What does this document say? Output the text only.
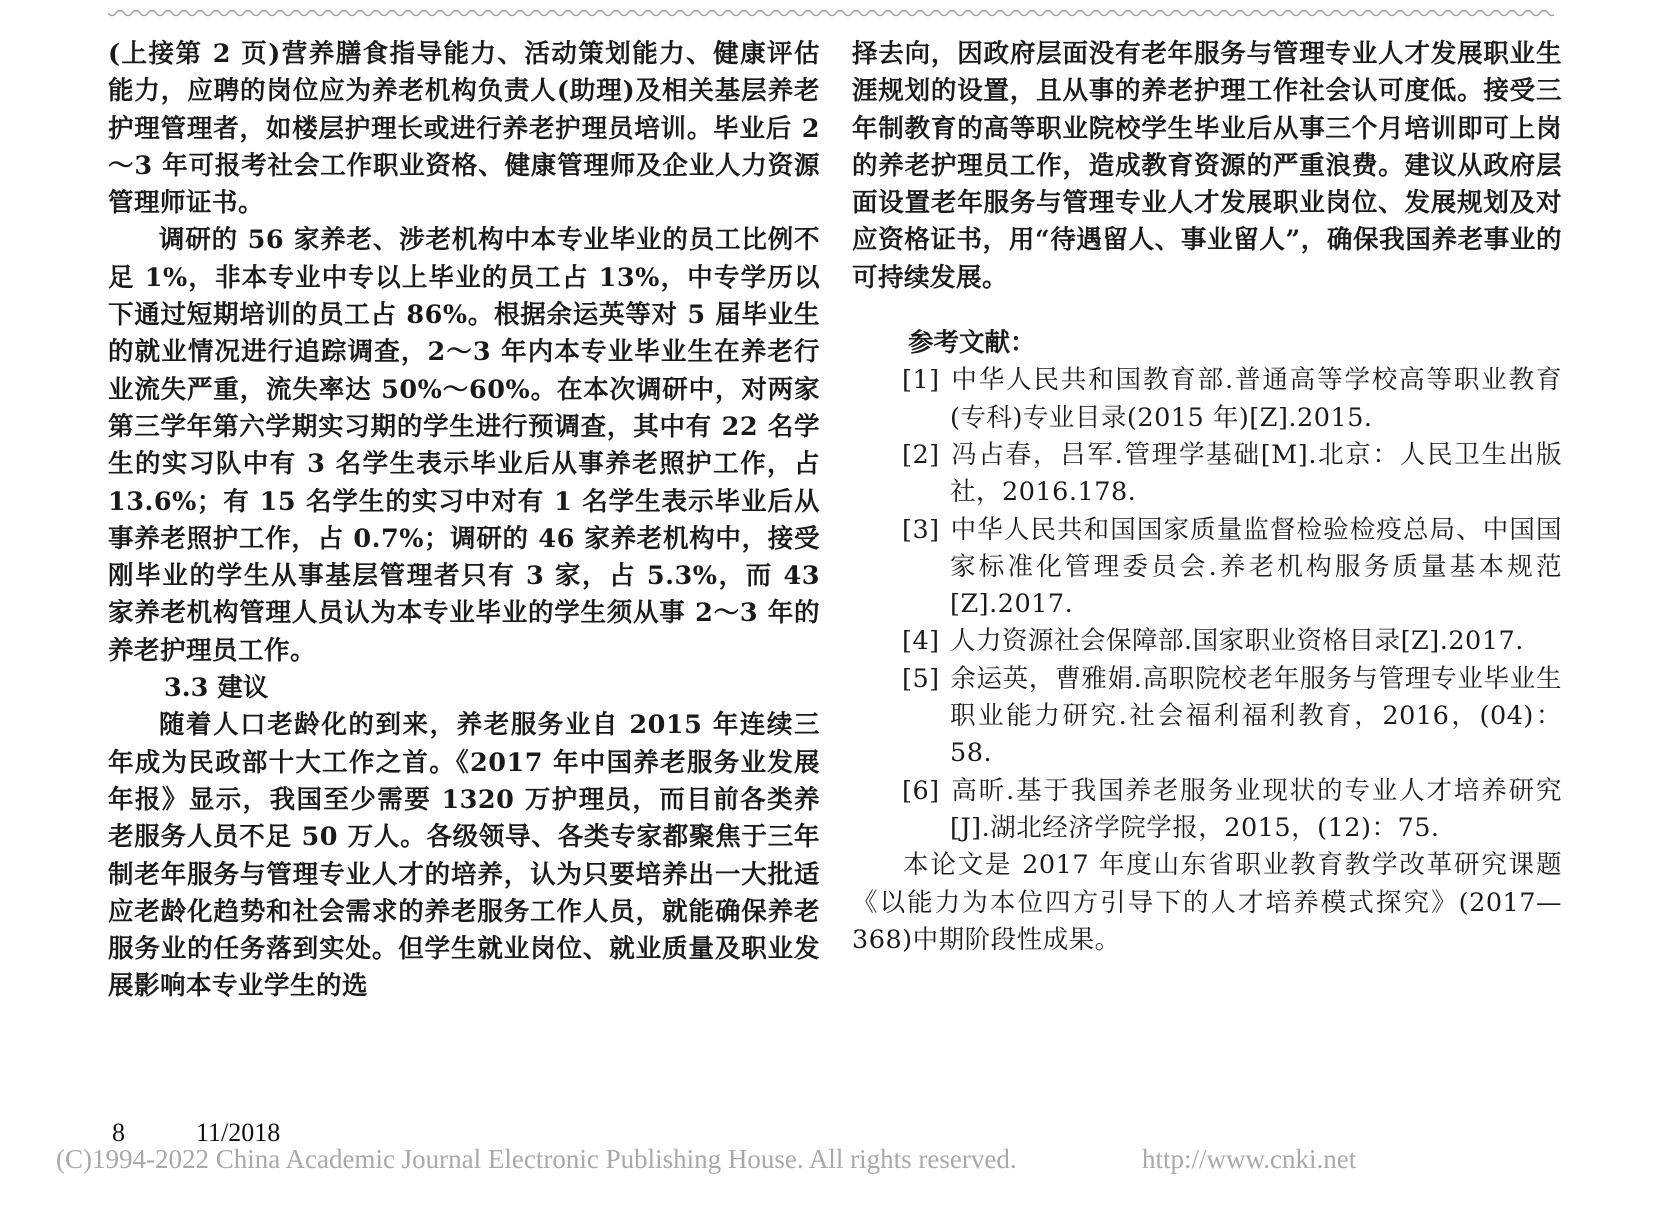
(上接第 2 页)营养膳食指导能力、活动策划能力、健康评估能力，应聘的岗位应为养老机构负责人(助理)及相关基层养老护理管理者，如楼层护理长或进行养老护理员培训。毕业后 2～3 年可报考社会工作职业资格、健康管理师及企业人力资源管理师证书。

调研的 56 家养老、涉老机构中本专业毕业的员工比例不足 1%，非本专业中专以上毕业的员工占 13%，中专学历以下通过短期培训的员工占 86%。根据余运英等对 5 届毕业生的就业情况进行追踪调查，2～3 年内本专业毕业生在养老行业流失严重，流失率达 50%～60%。在本次调研中，对两家第三学年第六学期实习期的学生进行预调查，其中有 22 名学生的实习队中有 3 名学生表示毕业后从事养老照护工作，占 13.6%；有 15 名学生的实习中对有 1 名学生表示毕业后从事养老照护工作，占 0.7%；调研的 46 家养老机构中，接受刚毕业的学生从事基层管理者只有 3 家，占 5.3%，而 43 家养老机构管理人员认为本专业毕业的学生须从事 2～3 年的养老护理员工作。

3.3 建议

随着人口老龄化的到来，养老服务业自 2015 年连续三年成为民政部十大工作之首。《2017 年中国养老服务业发展年报》显示，我国至少需要 1320 万护理员，而目前各类养老服务人员不足 50 万人。各级领导、各类专家都聚焦于三年制老年服务与管理专业人才的培养，认为只要培养出一大批适应老龄化趋势和社会需求的养老服务工作人员，就能确保养老服务业的任务落到实处。但学生就业岗位、就业质量及职业发展影响本专业学生的选

择去向，因政府层面没有老年服务与管理专业人才发展职业生涯规划的设置，且从事的养老护理工作社会认可度低。接受三年制教育的高等职业院校学生毕业后从事三个月培训即可上岗的养老护理员工作，造成教育资源的严重浪费。建议从政府层面设置老年服务与管理专业人才发展职业岗位、发展规划及对应资格证书，用“待遇留人、事业留人”，确保我国养老事业的可持续发展。

参考文献：

[1] 中华人民共和国教育部.普通高等学校高等职业教育(专科)专业目录(2015 年)[Z].2015.
[2] 冯占春，吕军.管理学基础[M].北京：人民卫生出版社，2016.178.
[3] 中华人民共和国国家质量监督检验检疫总局、中国国家标准化管理委员会.养老机构服务质量基本规范[Z].2017.
[4] 人力资源社会保障部.国家职业资格目录[Z].2017.
[5] 余运英，曹雅娟.高职院校老年服务与管理专业毕业生职业能力研究.社会福利福利教育，2016，(04)：58.
[6] 高昕.基于我国养老服务业现状的专业人才培养研究[J].湖北经济学院学报，2015，(12)：75.

本论文是 2017 年度山东省职业教育教学改革研究课题《以能力为本位四方引导下的人才培养模式探究》(2017—368)中期阶段性成果。

8	11/2018
(C)1994-2022 China Academic Journal Electronic Publishing House. All rights reserved.	http://www.cnki.net
